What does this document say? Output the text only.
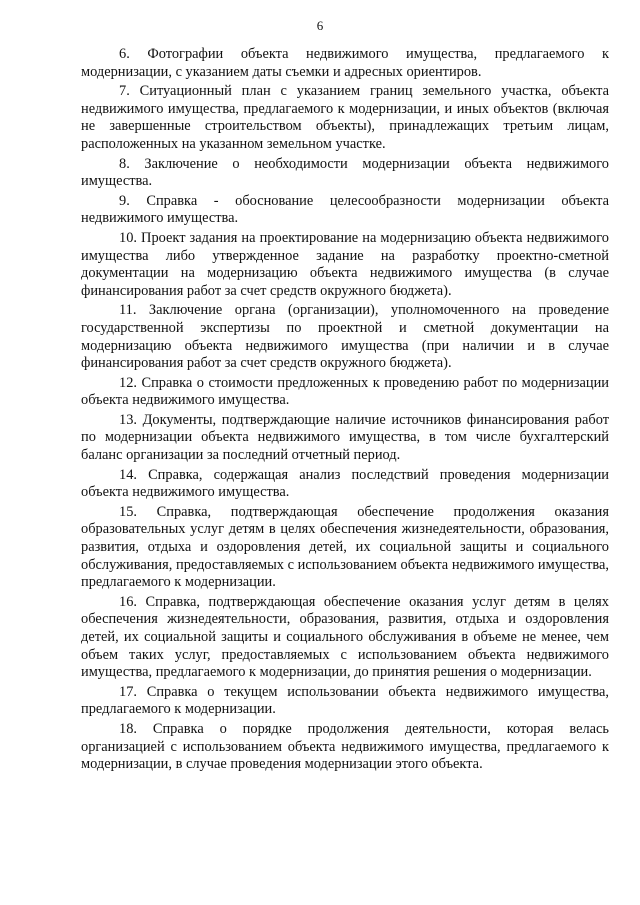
6

6. Фотографии объекта недвижимого имущества, предлагаемого к модернизации, с указанием даты съемки и адресных ориентиров.

7. Ситуационный план с указанием границ земельного участка, объекта недвижимого имущества, предлагаемого к модернизации, и иных объектов (включая не завершенные строительством объекты), принадлежащих третьим лицам, расположенных на указанном земельном участке.

8. Заключение о необходимости модернизации объекта недвижимого имущества.

9. Справка - обоснование целесообразности модернизации объекта недвижимого имущества.

10. Проект задания на проектирование на модернизацию объекта недвижимого имущества либо утвержденное задание на разработку проектно-сметной документации на модернизацию объекта недвижимого имущества (в случае финансирования работ за счет средств окружного бюджета).

11. Заключение органа (организации), уполномоченного на проведение государственной экспертизы по проектной и сметной документации на модернизацию объекта недвижимого имущества (при наличии и в случае финансирования работ за счет средств окружного бюджета).

12. Справка о стоимости предложенных к проведению работ по модернизации объекта недвижимого имущества.

13. Документы, подтверждающие наличие источников финансирования работ по модернизации объекта недвижимого имущества, в том числе бухгалтерский баланс организации за последний отчетный период.

14. Справка, содержащая анализ последствий проведения модернизации объекта недвижимого имущества.

15. Справка, подтверждающая обеспечение продолжения оказания образовательных услуг детям в целях обеспечения жизнедеятельности, образования, развития, отдыха и оздоровления детей, их социальной защиты и социального обслуживания, предоставляемых с использованием объекта недвижимого имущества, предлагаемого к модернизации.

16. Справка, подтверждающая обеспечение оказания услуг детям в целях обеспечения жизнедеятельности, образования, развития, отдыха и оздоровления детей, их социальной защиты и социального обслуживания в объеме не менее, чем объем таких услуг, предоставляемых с использованием объекта недвижимого имущества, предлагаемого к модернизации, до принятия решения о модернизации.

17. Справка о текущем использовании объекта недвижимого имущества, предлагаемого к модернизации.

18. Справка о порядке продолжения деятельности, которая велась организацией с использованием объекта недвижимого имущества, предлагаемого к модернизации, в случае проведения модернизации этого объекта.
